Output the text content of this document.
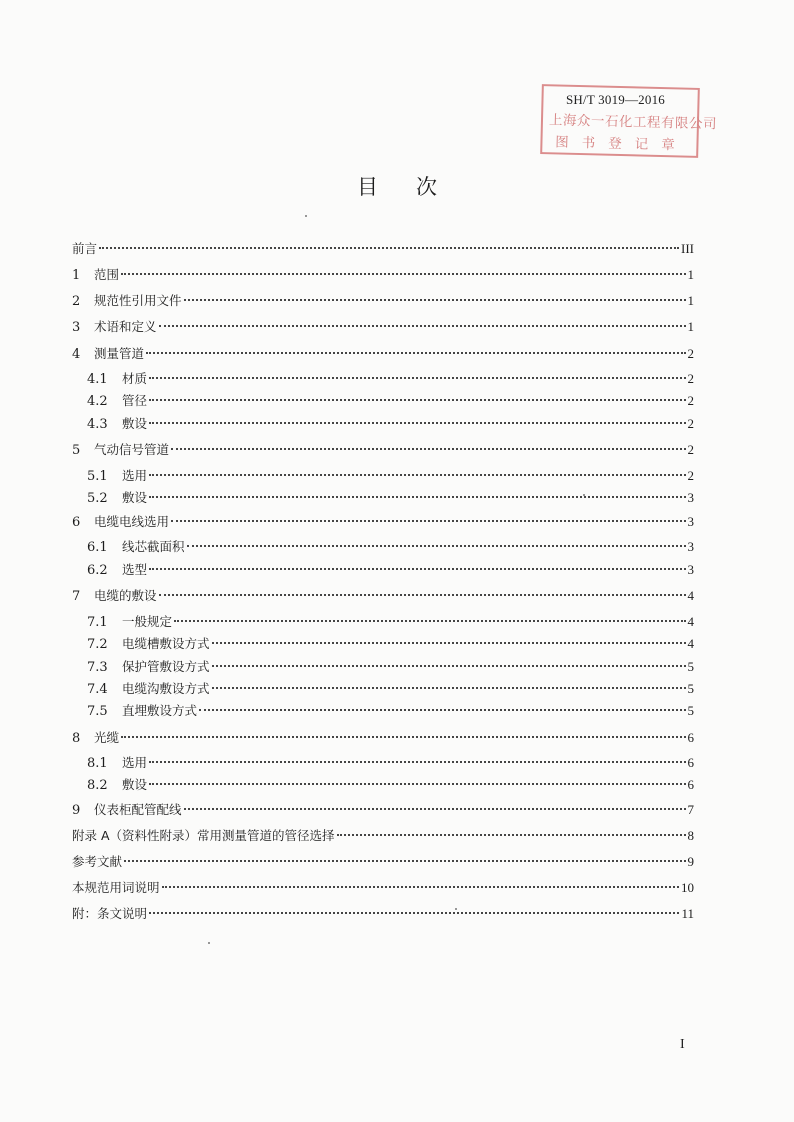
SH/T 3019—2016
上海众一石化工程有限公司
图书登记章
目次
前言	III
1	范围	1
2	规范性引用文件	1
3	术语和定义	1
4	测量管道	2
4.1	材质	2
4.2	管径	2
4.3	敷设	2
5	气动信号管道	2
5.1	选用	2
5.2	敷设	3
6	电缆电线选用	3
6.1	线芯截面积	3
6.2	选型	3
7	电缆的敷设	4
7.1	一般规定	4
7.2	电缆槽敷设方式	4
7.3	保护管敷设方式	5
7.4	电缆沟敷设方式	5
7.5	直埋敷设方式	5
8	光缆	6
8.1	选用	6
8.2	敷设	6
9	仪表柜配管配线	7
附录 A（资料性附录）常用测量管道的管径选择	8
参考文献	9
本规范用词说明	10
附：条文说明	11
I
